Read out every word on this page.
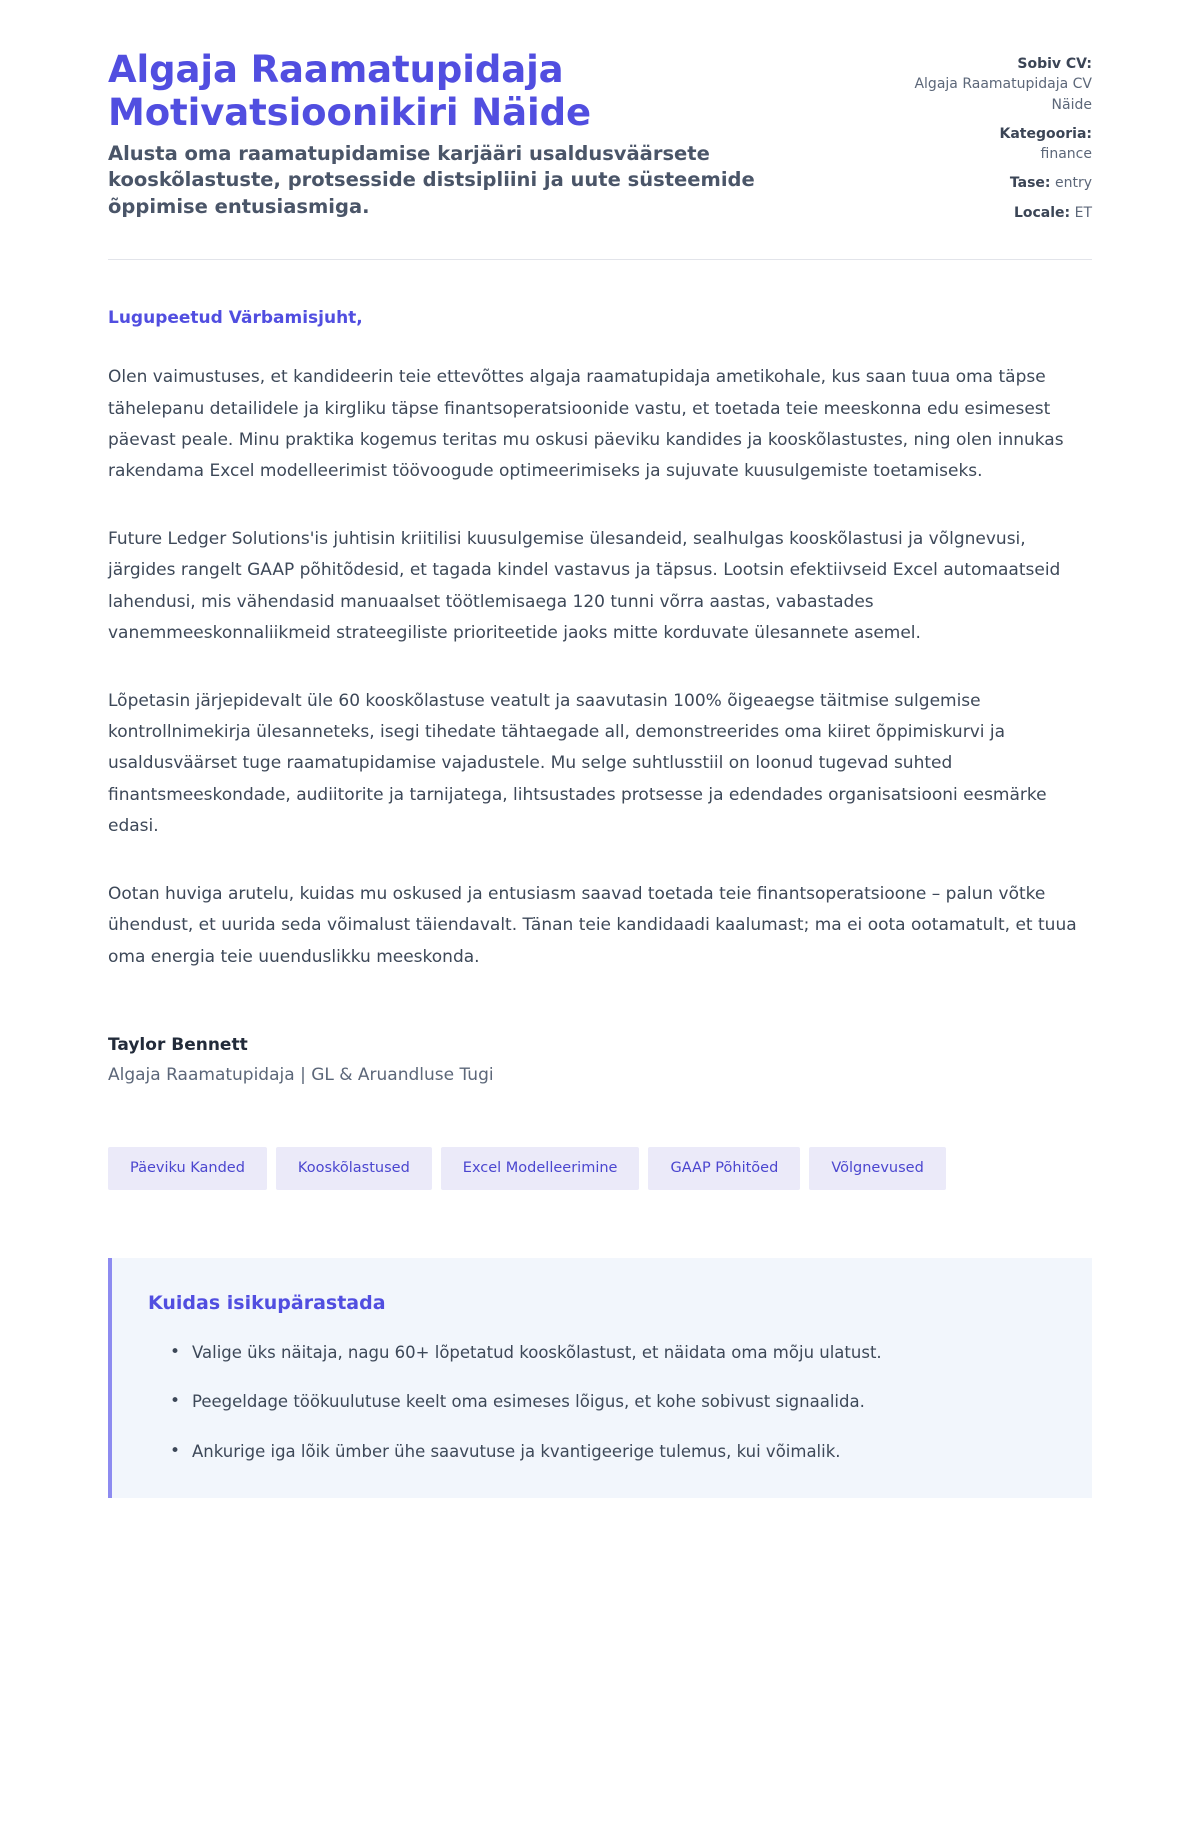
Algaja Raamatupidaja Motivatsioonikiri Näide

Alusta oma raamatupidamise karjääri usaldusväärsete kooskõlastuste, protsesside distsipliini ja uute süsteemide õppimise entusiasmiga.

Sobiv CV:
Algaja Raamatupidaja CV Näide
Kategooria:
finance
Tase: entry
Locale: ET

Lugupeetud Värbamisjuht,

Olen vaimustuses, et kandideerin teie ettevõttes algaja raamatupidaja ametikohale, kus saan tuua oma täpse tähelepanu detailidele ja kirgliku täpse finantsoperatsioonide vastu, et toetada teie meeskonna edu esimesest päevast peale. Minu praktika kogemus teritas mu oskusi päeviku kandides ja kooskõlastustes, ning olen innukas rakendama Excel modelleerimist töövoogude optimeerimiseks ja sujuvate kuusulgemiste toetamiseks.

Future Ledger Solutions'is juhtisin kriitilisi kuusulgemise ülesandeid, sealhulgas kooskõlastusi ja võlgnevusi, järgides rangelt GAAP põhitõdesid, et tagada kindel vastavus ja täpsus. Lootsin efektiivseid Excel automaatseid lahendusi, mis vähendasid manuaalset töötlemisaega 120 tunni võrra aastas, vabastades vanemmeeskonnaliikmeid strateegiliste prioriteetide jaoks mitte korduvate ülesannete asemel.

Lõpetasin järjepidevalt üle 60 kooskõlastuse veatult ja saavutasin 100% õigeaegse täitmise sulgemise kontrollnimekirja ülesanneteks, isegi tihedate tähtaegade all, demonstreerides oma kiiret õppimiskurvi ja usaldusväärset tuge raamatupidamise vajadustele. Mu selge suhtlusstiil on loonud tugevad suhted finantsmeeskondade, audiitorite ja tarnijatega, lihtsustades protsesse ja edendades organisatsiooni eesmärke edasi.

Ootan huviga arutelu, kuidas mu oskused ja entusiasm saavad toetada teie finantsoperatsioone – palun võtke ühendust, et uurida seda võimalust täiendavalt. Tänan teie kandidaadi kaalumast; ma ei oota ootamatult, et tuua oma energia teie uuenduslikku meeskonda.

Taylor Bennett

Algaja Raamatupidaja | GL & Aruandluse Tugi

Päeviku Kanded	Kooskõlastused	Excel Modelleerimine	GAAP Põhitõed	Võlgnevused
Kuidas isikupärastada
• Valige üks näitaja, nagu 60+ lõpetatud kooskõlastust, et näidata oma mõju ulatust.
• Peegeldage töökuulutuse keelt oma esimeses lõigus, et kohe sobivust signaalida.
• Ankurige iga lõik ümber ühe saavutuse ja kvantigeerige tulemus, kui võimalik.
